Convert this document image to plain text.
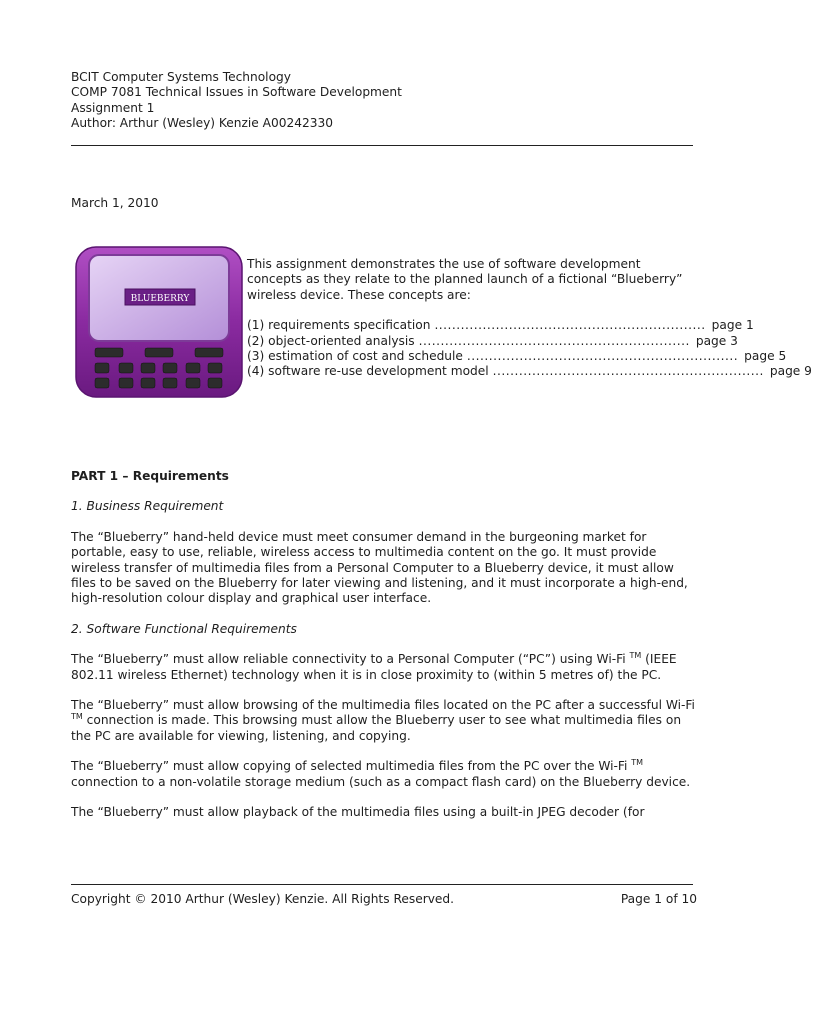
BCIT Computer Systems Technology
COMP 7081 Technical Issues in Software Development
Assignment 1
Author: Arthur (Wesley) Kenzie A00242330
March 1, 2010
BLUEBERRY

This assignment demonstrates the use of software development concepts as they relate to the planned launch of a fictional “Blueberry” wireless device. These concepts are:

(1) requirements specification .............................................................. page 1
(2) object-oriented analysis .............................................................. page 3
(3) estimation of cost and schedule .............................................................. page 5
(4) software re-use development model .............................................................. page 9
PART 1 – Requirements
1. Business Requirement

The “Blueberry” hand-held device must meet consumer demand in the burgeoning market for portable, easy to use, reliable, wireless access to multimedia content on the go. It must provide wireless transfer of multimedia files from a Personal Computer to a Blueberry device, it must allow files to be saved on the Blueberry for later viewing and listening, and it must incorporate a high-end, high-resolution colour display and graphical user interface.

2. Software Functional Requirements

The “Blueberry” must allow reliable connectivity to a Personal Computer (“PC”) using Wi-Fi ™ (IEEE 802.11 wireless Ethernet) technology when it is in close proximity to (within 5 metres of) the PC.

The “Blueberry” must allow browsing of the multimedia files located on the PC after a successful Wi-Fi ™ connection is made. This browsing must allow the Blueberry user to see what multimedia files on the PC are available for viewing, listening, and copying.

The “Blueberry” must allow copying of selected multimedia files from the PC over the Wi-Fi ™ connection to a non-volatile storage medium (such as a compact flash card) on the Blueberry device.

The “Blueberry” must allow playback of the multimedia files using a built-in JPEG decoder (for

Copyright © 2010 Arthur (Wesley) Kenzie. All Rights Reserved.	Page 1 of 10
